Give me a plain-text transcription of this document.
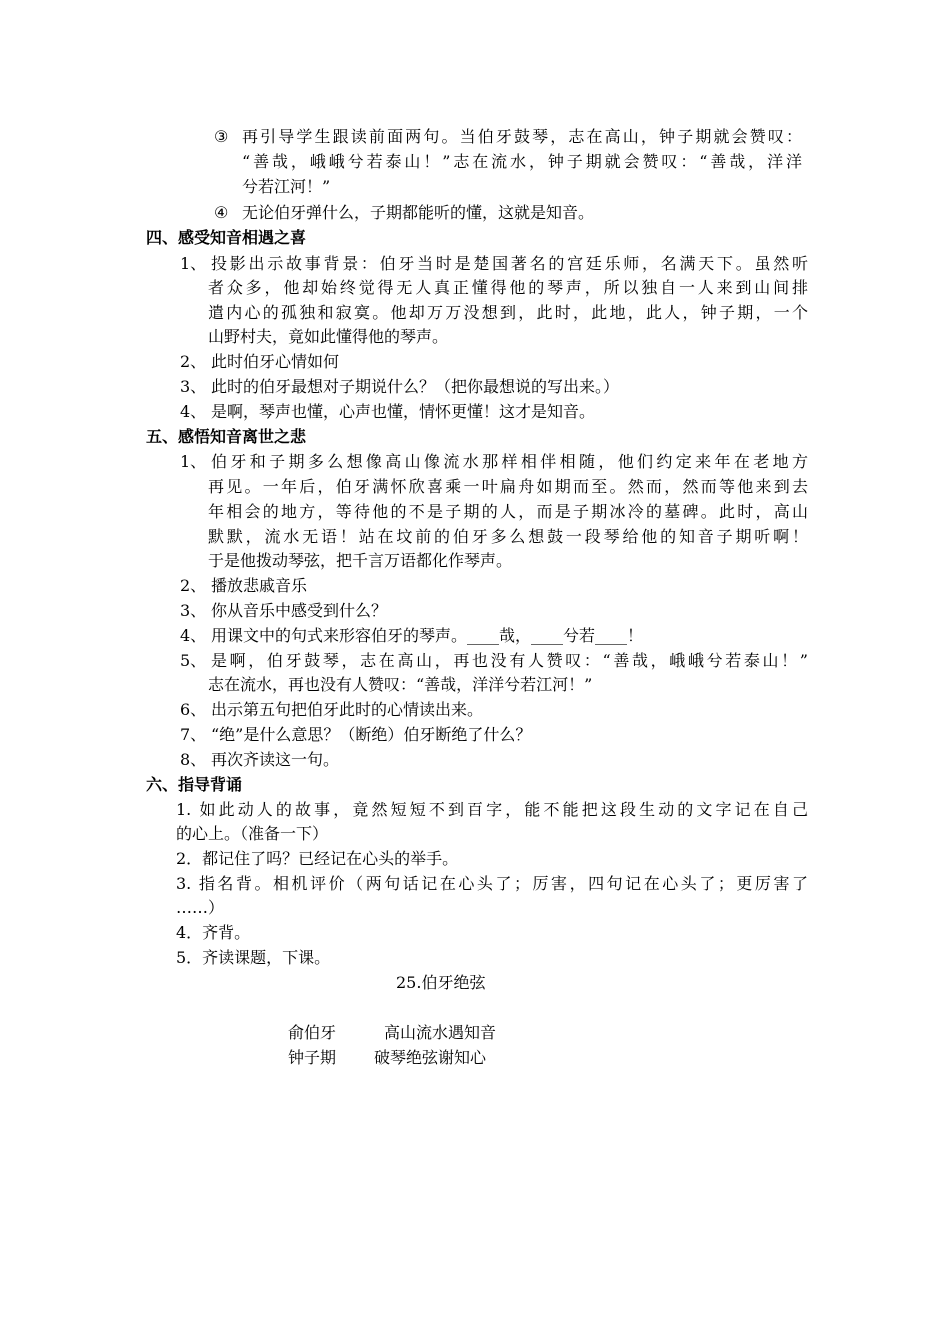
③ 再引导学生跟读前面两句。当伯牙鼓琴，志在高山，钟子期就会赞叹：
“善哉，峨峨兮若泰山！”志在流水，钟子期就会赞叹：“善哉，洋洋
兮若江河！”
④ 无论伯牙弹什么，子期都能听的懂，这就是知音。
四、感受知音相遇之喜
1、 投影出示故事背景：伯牙当时是楚国著名的宫廷乐师，名满天下。虽然听
者众多，他却始终觉得无人真正懂得他的琴声，所以独自一人来到山间排
遣内心的孤独和寂寞。他却万万没想到，此时，此地，此人，钟子期，一个
山野村夫，竟如此懂得他的琴声。
2、 此时伯牙心情如何
3、 此时的伯牙最想对子期说什么？（把你最想说的写出来。）
4、 是啊，琴声也懂，心声也懂，情怀更懂！这才是知音。
五、感悟知音离世之悲
1、 伯牙和子期多么想像高山像流水那样相伴相随，他们约定来年在老地方
再见。一年后，伯牙满怀欣喜乘一叶扁舟如期而至。然而，然而等他来到去
年相会的地方，等待他的不是子期的人，而是子期冰冷的墓碑。此时，高山
默默，流水无语！站在坟前的伯牙多么想鼓一段琴给他的知音子期听啊！
于是他拨动琴弦，把千言万语都化作琴声。
2、 播放悲戚音乐
3、 你从音乐中感受到什么？
4、 用课文中的句式来形容伯牙的琴声。____哉，____兮若____！
5、 是啊，伯牙鼓琴，志在高山，再也没有人赞叹：“善哉，峨峨兮若泰山！”
志在流水，再也没有人赞叹：“善哉，洋洋兮若江河！”
6、 出示第五句把伯牙此时的心情读出来。
7、 “绝”是什么意思？（断绝）伯牙断绝了什么？
8、 再次齐读这一句。
六、指导背诵
1. 如此动人的故事，竟然短短不到百字，能不能把这段生动的文字记在自己
的心上。（准备一下）
2．都记住了吗？已经记在心头的举手。
3. 指名背。相机评价（两句话记在心头了；厉害，四句记在心头了；更厉害了
……）
4．齐背。
5．齐读课题，下课。
25.伯牙绝弦
俞伯牙	高山流水遇知音
钟子期 破琴绝弦谢知心
